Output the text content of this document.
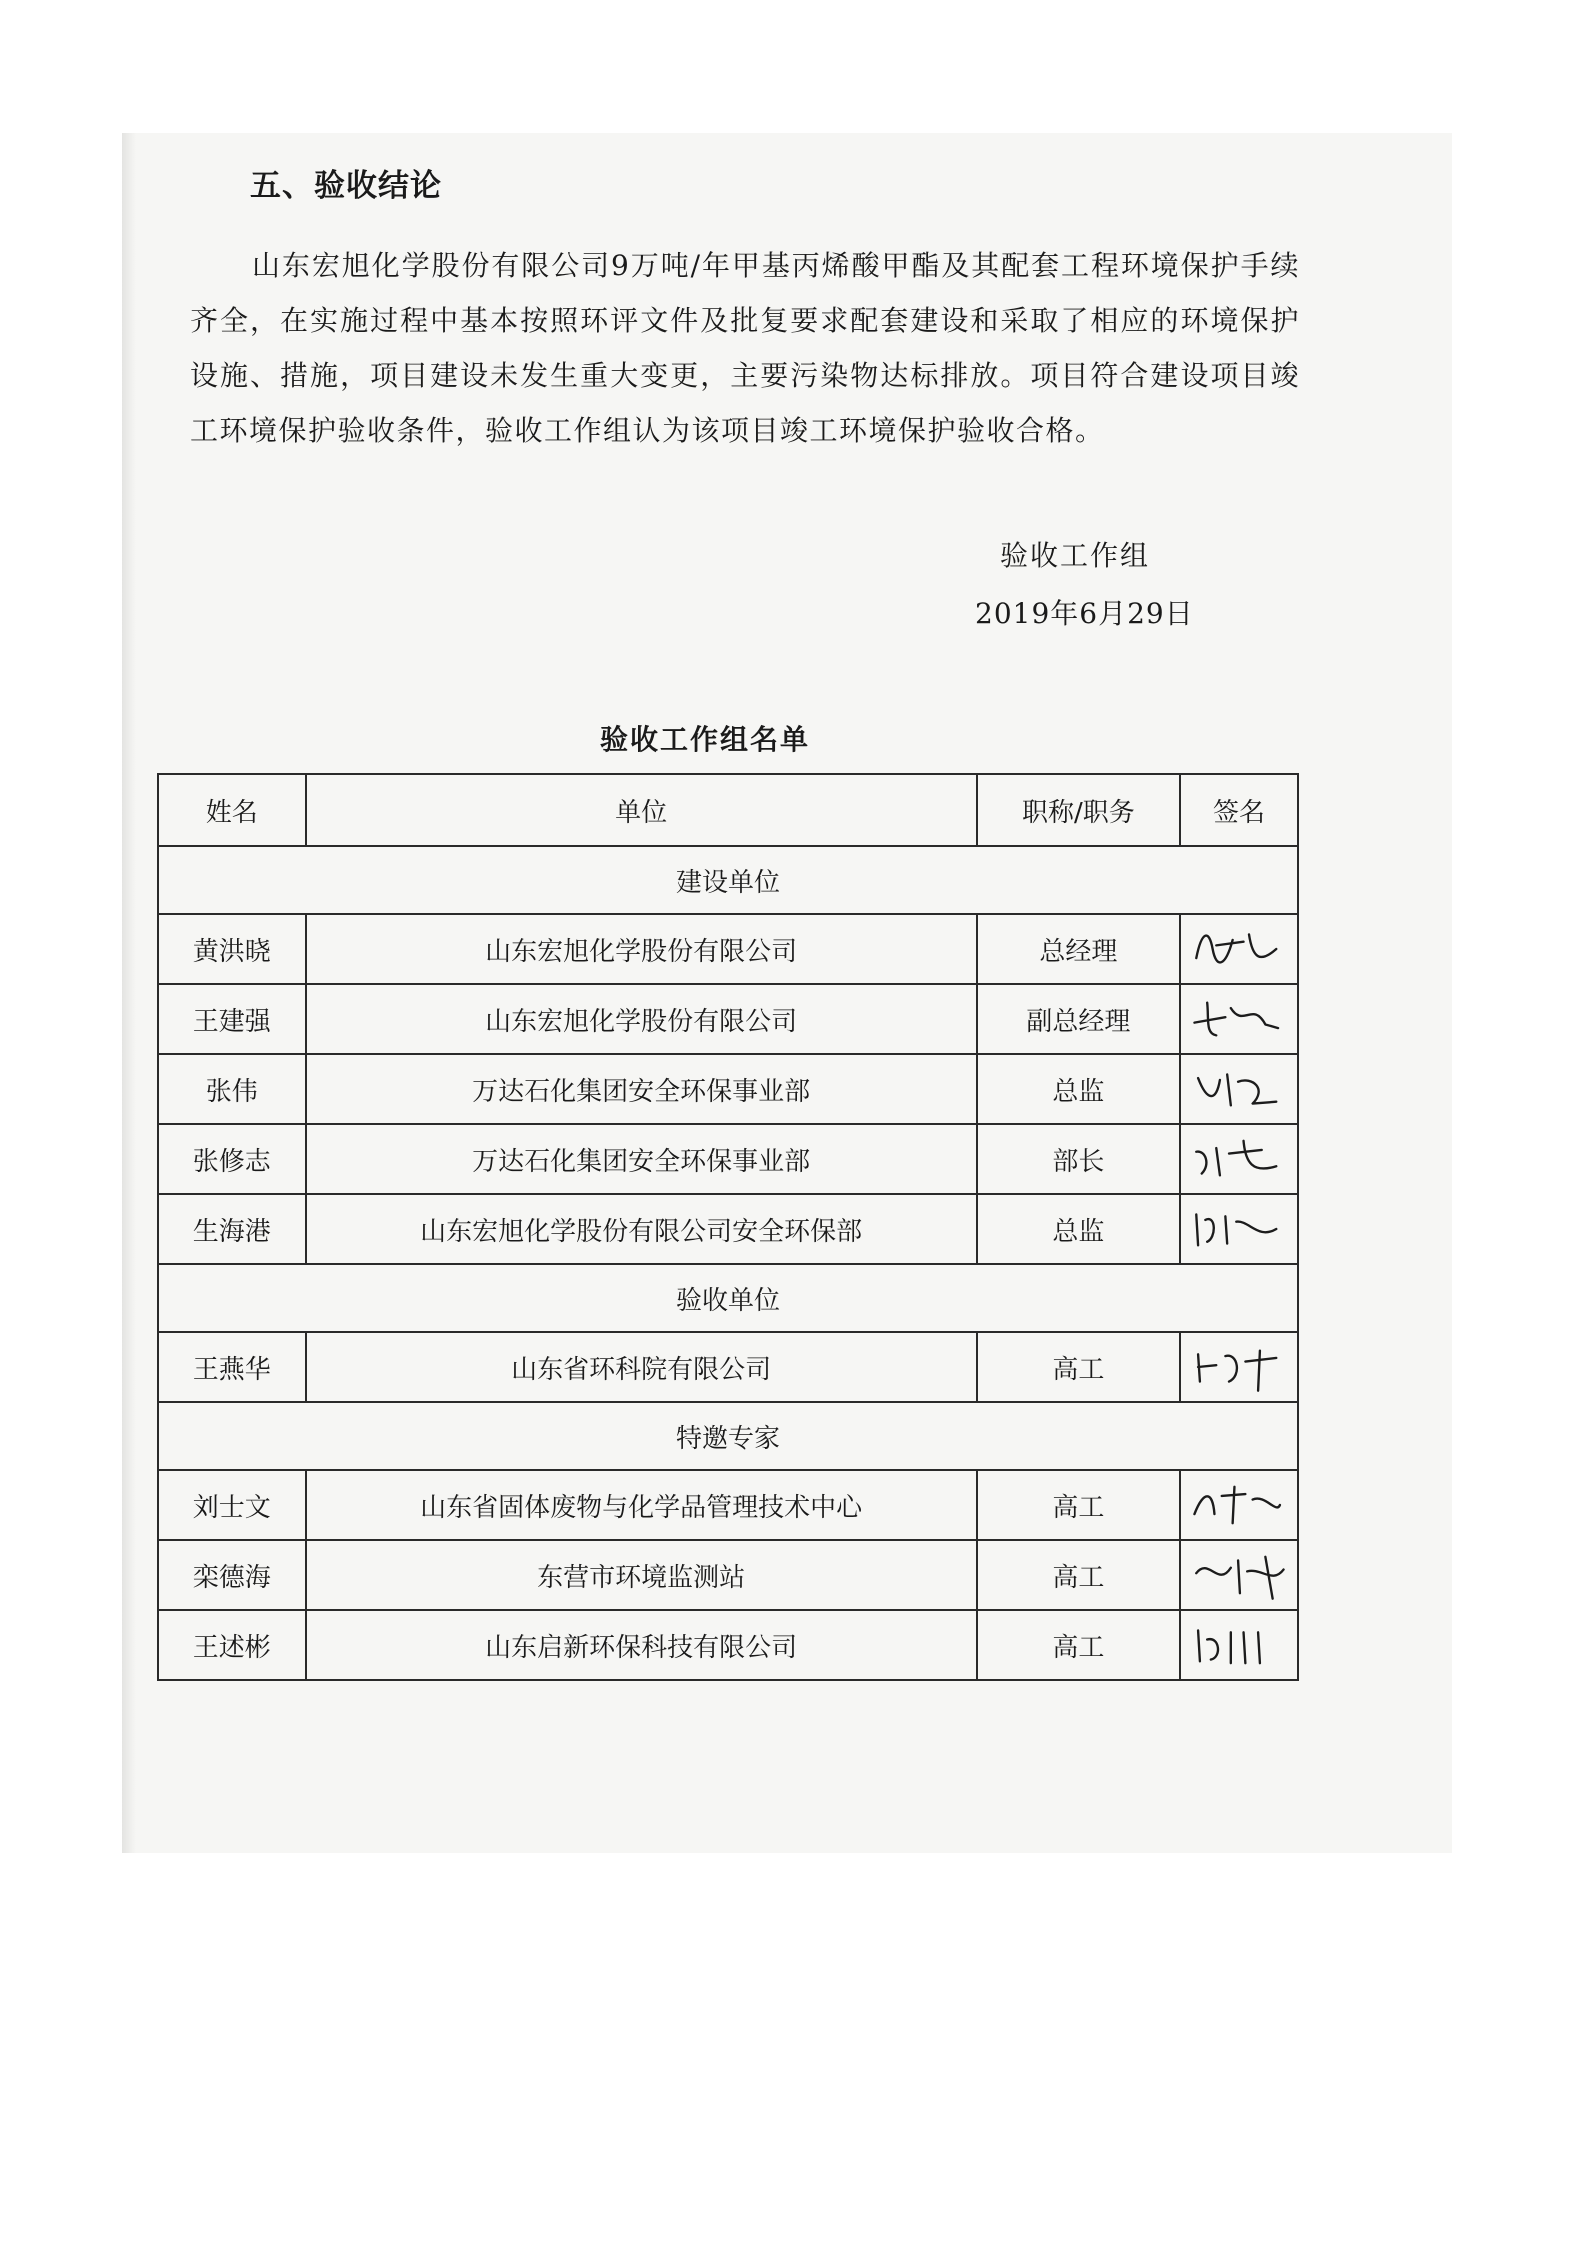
五、验收结论

山东宏旭化学股份有限公司9万吨/年甲基丙烯酸甲酯及其配套工程环境保护手续齐全，在实施过程中基本按照环评文件及批复要求配套建设和采取了相应的环境保护设施、措施，项目建设未发生重大变更，主要污染物达标排放。项目符合建设项目竣工环境保护验收条件，验收工作组认为该项目竣工环境保护验收合格。

验收工作组
2019年6月29日
验收工作组名单
姓名	单位	职称/职务	签名
建设单位			
黄洪晓	山东宏旭化学股份有限公司	总经理	

王建强	山东宏旭化学股份有限公司	副总经理	

张伟	万达石化集团安全环保事业部	总监	

张修志	万达石化集团安全环保事业部	部长	

生海港	山东宏旭化学股份有限公司安全环保部	总监	

验收单位			
王燕华	山东省环科院有限公司	高工	

特邀专家			
刘士文	山东省固体废物与化学品管理技术中心	高工	

栾德海	东营市环境监测站	高工	

王述彬	山东启新环保科技有限公司	高工	
